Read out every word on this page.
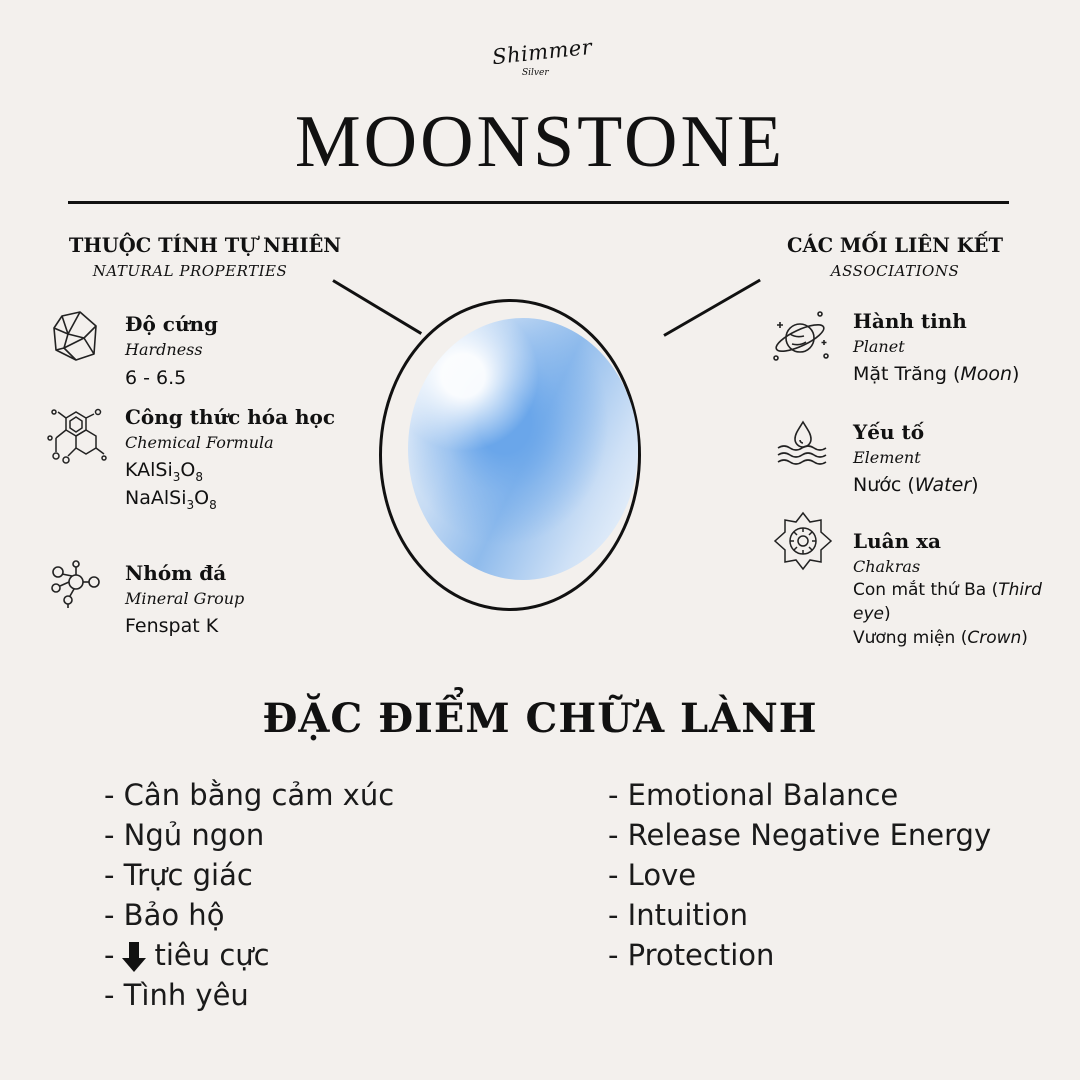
Shimmer
Silver
MOONSTONE
THUỘC TÍNH TỰ NHIÊN
NATURAL PROPERTIES
CÁC MỐI LIÊN KẾT
ASSOCIATIONS
Độ cứng
Hardness
6 - 6.5
Công thức hóa học
Chemical Formula
$KAlSi_3O_8$
$NaAlSi_3O_8$
Nhóm đá
Mineral Group
Fenspat K
Hành tinh
Planet
Mặt Trăng (Moon)
Yếu tố
Element
Nước (Water)
Luân xa
Chakras
Con mắt thứ Ba (Third
eye)
Vương miện (Crown)
ĐẶC ĐIỂM CHỮA LÀNH
- Cân bằng cảm xúc
- Ngủ ngon
- Trực giác
- Bảo hộ
- tiêu cực
- Tình yêu
- Emotional Balance
- Release Negative Energy
- Love
- Intuition
- Protection
